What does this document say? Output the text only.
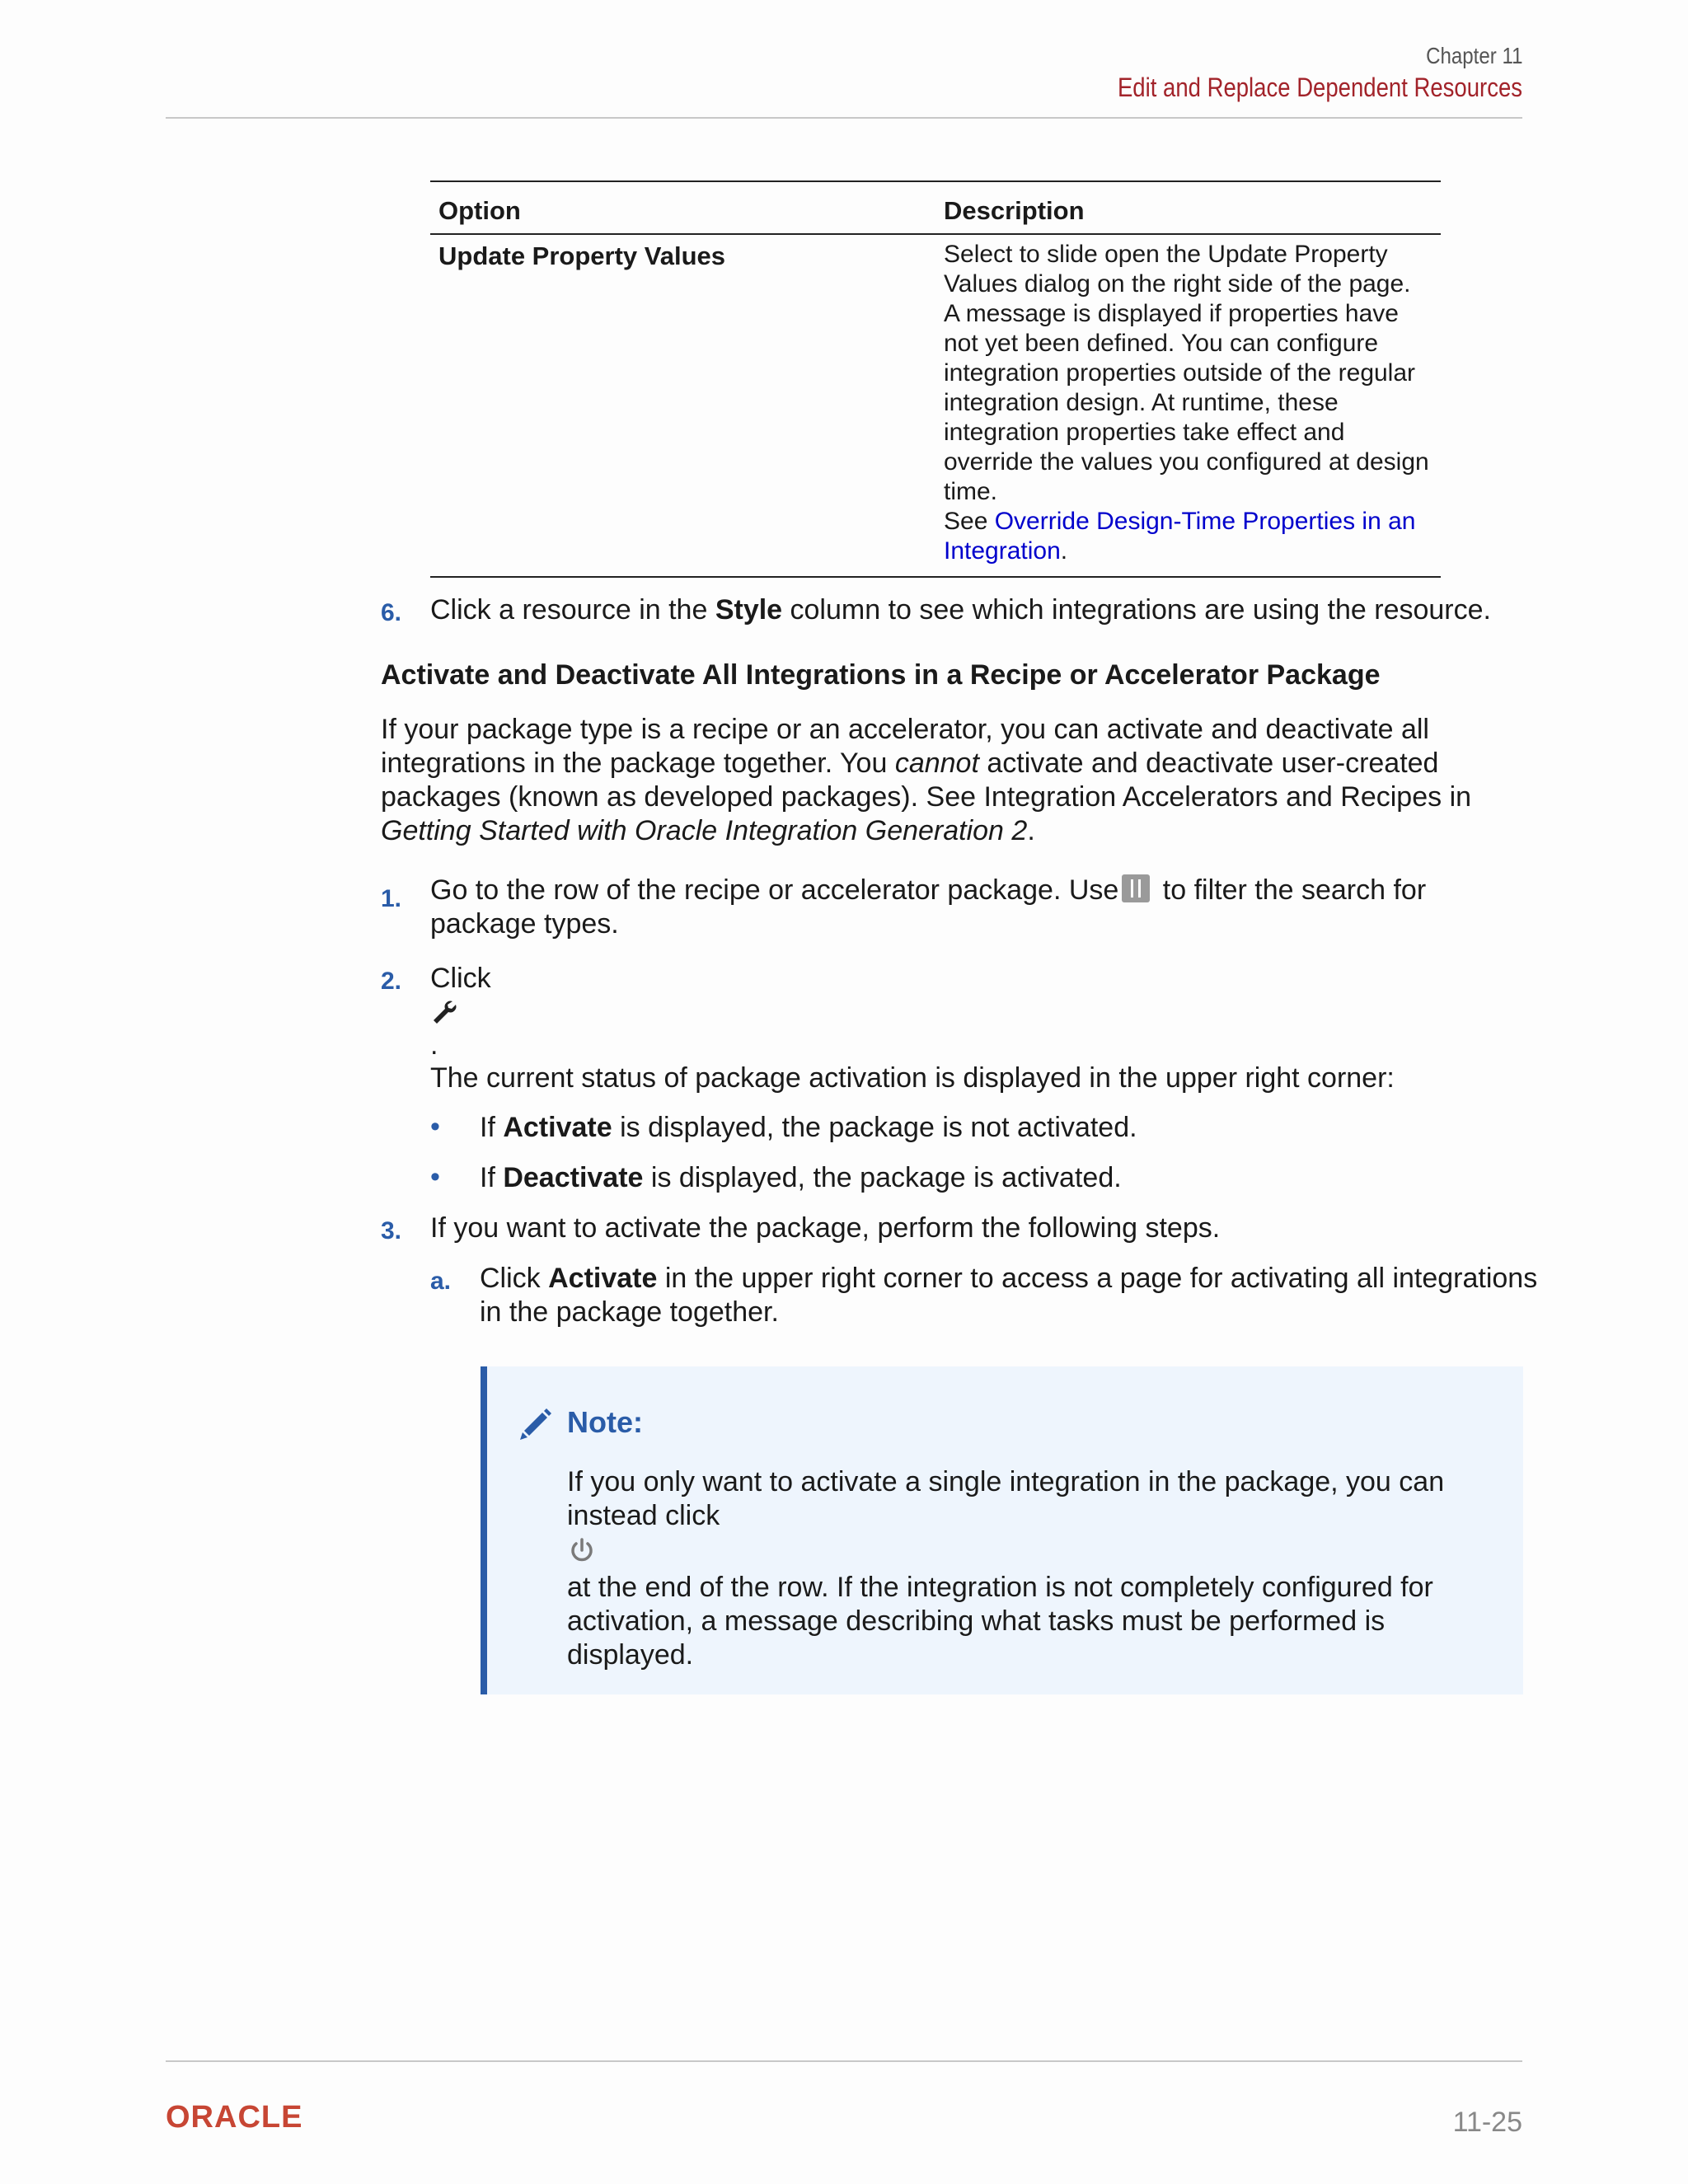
Chapter 11
Edit and Replace Dependent Resources
Option	Description
Update Property Values	Select to slide open the Update Property
Values dialog on the right side of the page.
A message is displayed if properties have
not yet been defined. You can configure
integration properties outside of the regular
integration design. At runtime, these
integration properties take effect and
override the values you configured at design
time.
See Override Design-Time Properties in an
Integration.
6. Click a resource in the Style column to see which integrations are using the resource.
Activate and Deactivate All Integrations in a Recipe or Accelerator Package
If your package type is a recipe or an accelerator, you can activate and deactivate all
integrations in the package together. You cannot activate and deactivate user-created
packages (known as developed packages). See Integration Accelerators and Recipes in
Getting Started with Oracle Integration Generation 2.
1. Go to the row of the recipe or accelerator package. Use to filter the search for
package types.
2. Click
.
The current status of package activation is displayed in the upper right corner:
• If Activate is displayed, the package is not activated.
• If Deactivate is displayed, the package is activated.
3. If you want to activate the package, perform the following steps.
a. Click Activate in the upper right corner to access a page for activating all integrations
in the package together.
Note:
If you only want to activate a single integration in the package, you can
instead click
at the end of the row. If the integration is not completely configured for
activation, a message describing what tasks must be performed is
displayed.
ORACLE	11-25
